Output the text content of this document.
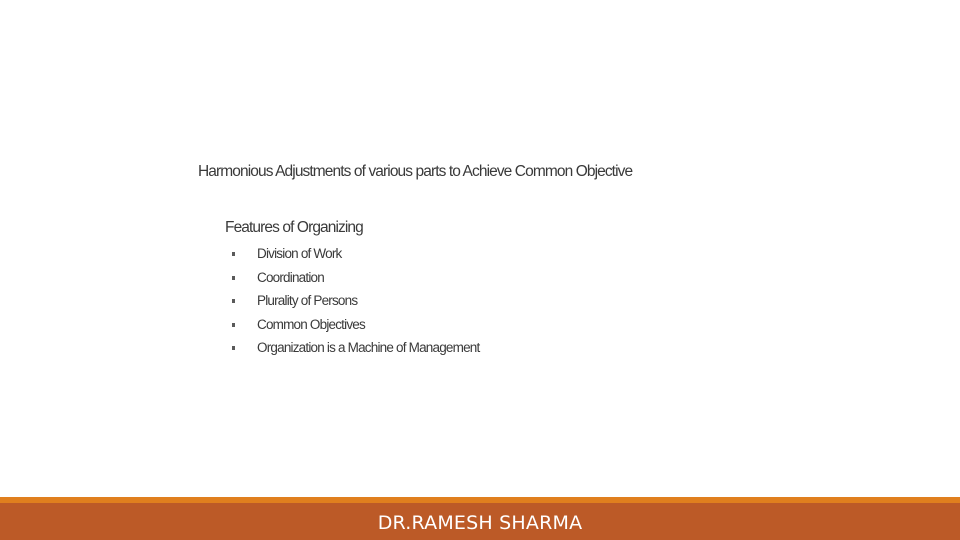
Harmonious Adjustments of various parts to Achieve Common Objective
Features of Organizing
Division of Work
Coordination
Plurality of Persons
Common Objectives
Organization is a Machine of Management
DR.RAMESH SHARMA
